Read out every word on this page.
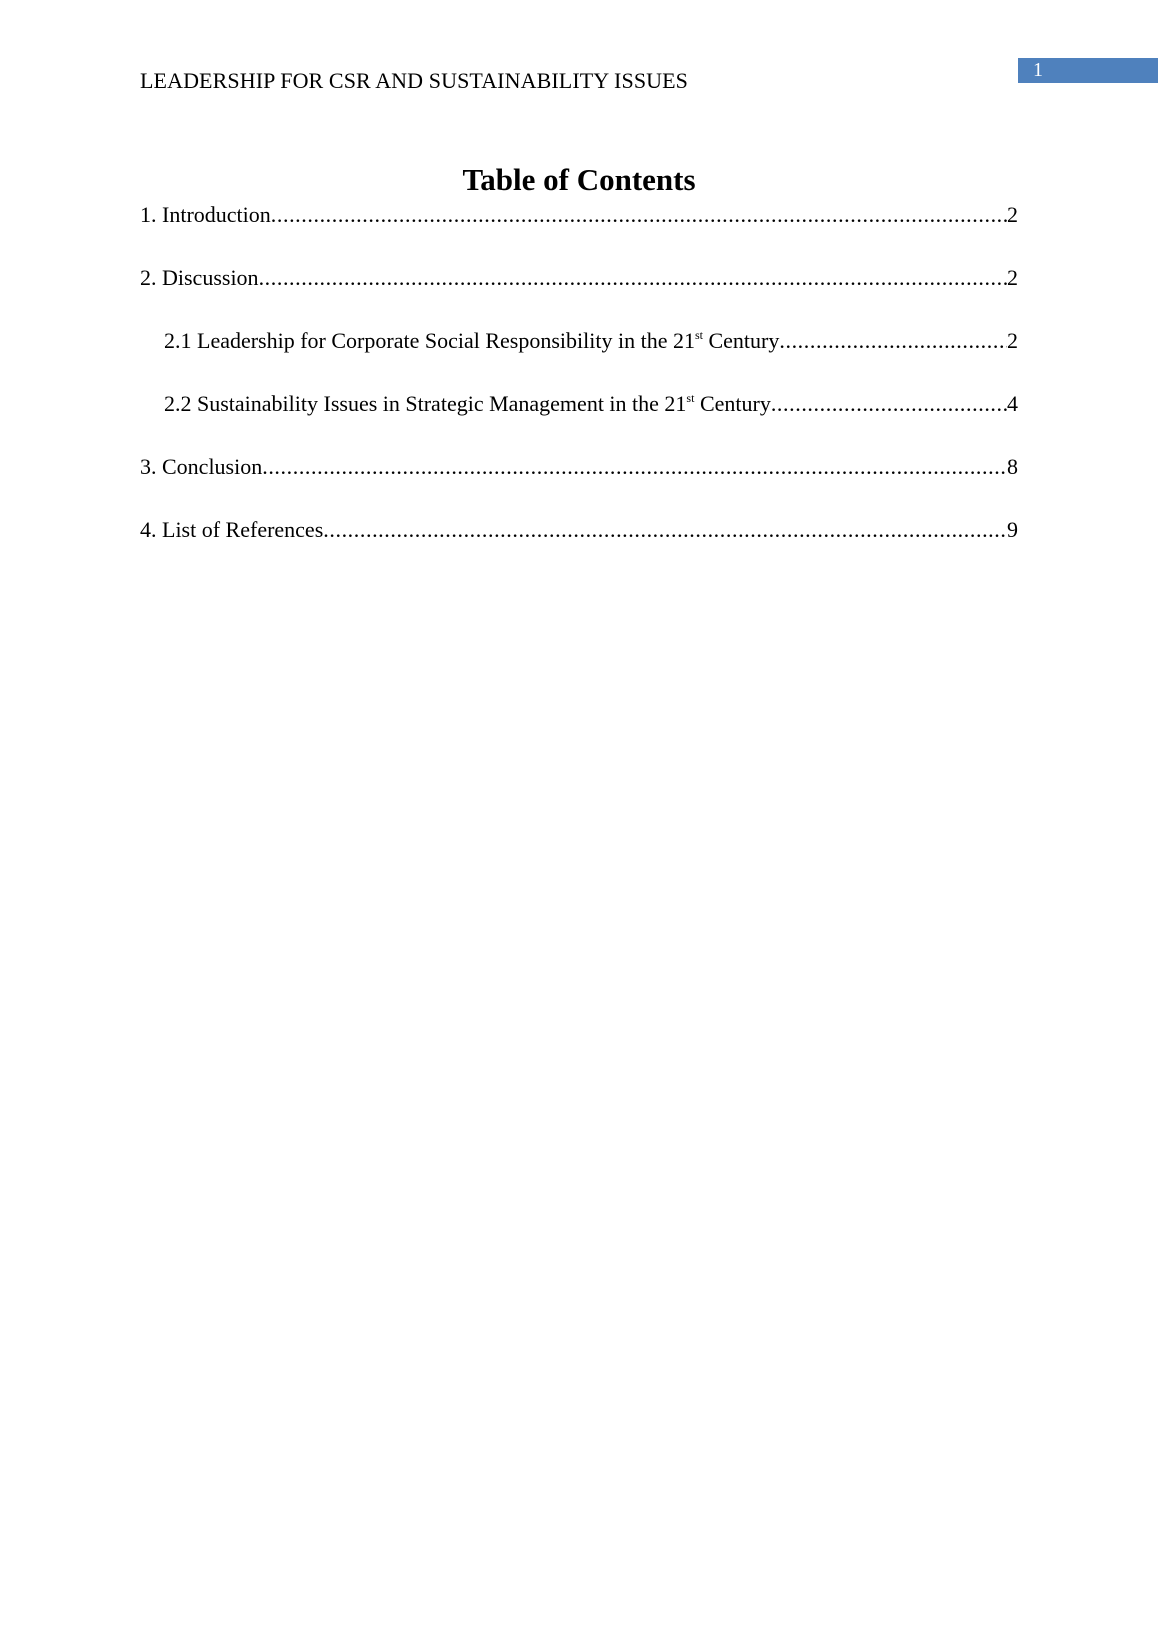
LEADERSHIP FOR CSR AND SUSTAINABILITY ISSUES	1
Table of Contents
1. Introduction .....	2
2. Discussion .....	2
2.1 Leadership for Corporate Social Responsibility in the 21st Century .....	2
2.2 Sustainability Issues in Strategic Management in the 21st Century .....	4
3. Conclusion .....	8
4. List of References .....	9
